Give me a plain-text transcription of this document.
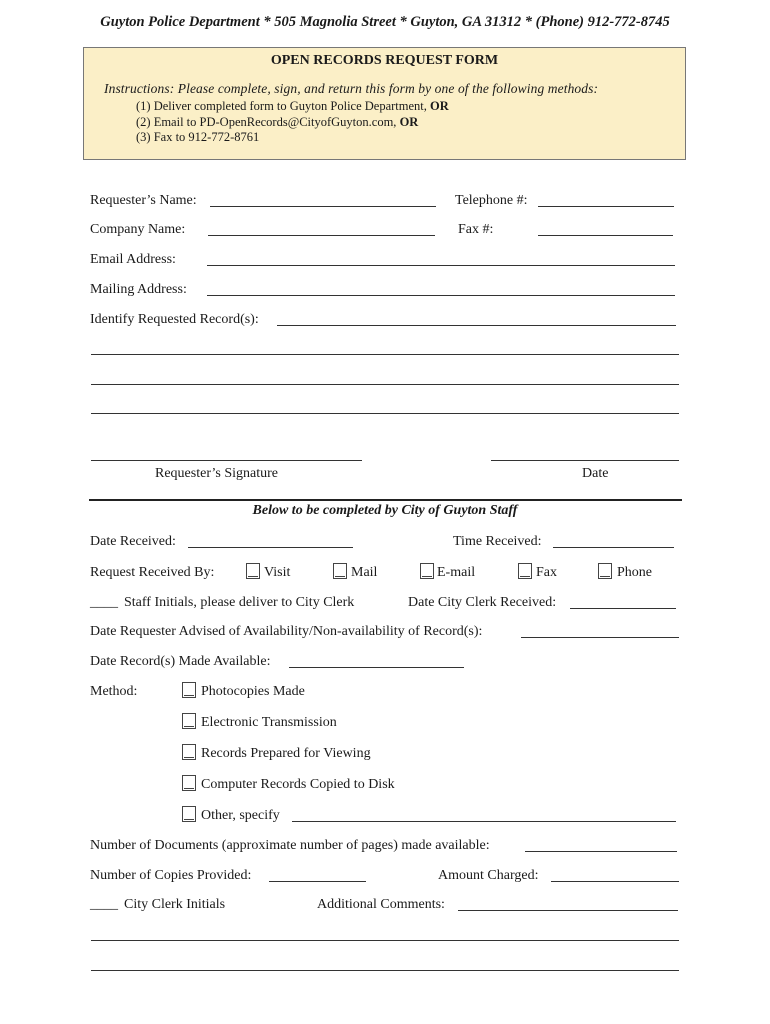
Guyton Police Department * 505 Magnolia Street * Guyton, GA 31312 * (Phone) 912-772-8745
OPEN RECORDS REQUEST FORM
Instructions: Please complete, sign, and return this form by one of the following methods:
(1) Deliver completed form to Guyton Police Department, OR
(2) Email to PD-OpenRecords@CityofGuyton.com, OR
(3) Fax to 912-772-8761
Requester’s Name:	Telephone #:
Company Name:	Fax #:
Email Address:
Mailing Address:
Identify Requested Record(s):
Requester’s Signature	Date
Below to be completed by City of Guyton Staff
Date Received:	Time Received:
Request Received By:	Visit	Mail	E-mail	Fax	Phone
____ Staff Initials, please deliver to City Clerk	Date City Clerk Received:
Date Requester Advised of Availability/Non-availability of Record(s):
Date Record(s) Made Available:
Method:	Photocopies Made
Electronic Transmission
Records Prepared for Viewing
Computer Records Copied to Disk
Other, specify
Number of Documents (approximate number of pages) made available:
Number of Copies Provided:	Amount Charged:
____ City Clerk Initials	Additional Comments:
